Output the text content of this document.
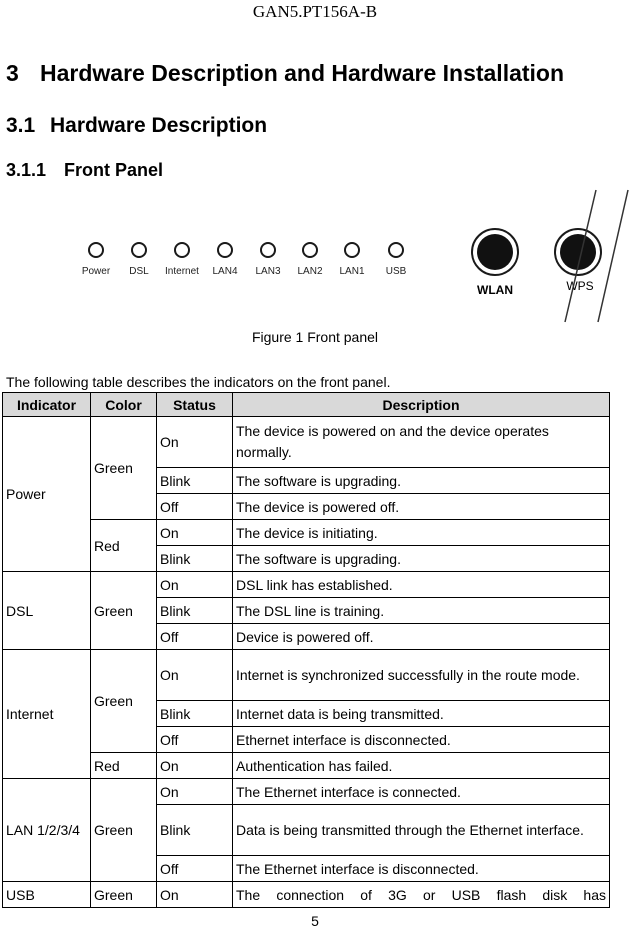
GAN5.PT156A-B
3 Hardware Description and Hardware Installation
3.1 Hardware Description
3.1.1 Front Panel
Power DSL Internet LAN4 LAN3 LAN2 LAN1 USB
WLAN	WPS
Figure 1 Front panel
The following table describes the indicators on the front panel.
Indicator	Color	Status	Description
Power	Green	On	The device is powered on and the device operates normally.
		Blink	The software is upgrading.
		Off	The device is powered off.
	Red	On	The device is initiating.
		Blink	The software is upgrading.
DSL	Green	On	DSL link has established.
		Blink	The DSL line is training.
		Off	Device is powered off.
Internet	Green	On	Internet is synchronized successfully in the route mode.
		Blink	Internet data is being transmitted.
		Off	Ethernet interface is disconnected.
	Red	On	Authentication has failed.
LAN 1/2/3/4	Green	On	The Ethernet interface is connected.
		Blink	Data is being transmitted through the Ethernet interface.
		Off	The Ethernet interface is disconnected.
USB	Green	On	The connection of 3G or USB flash disk has
5
